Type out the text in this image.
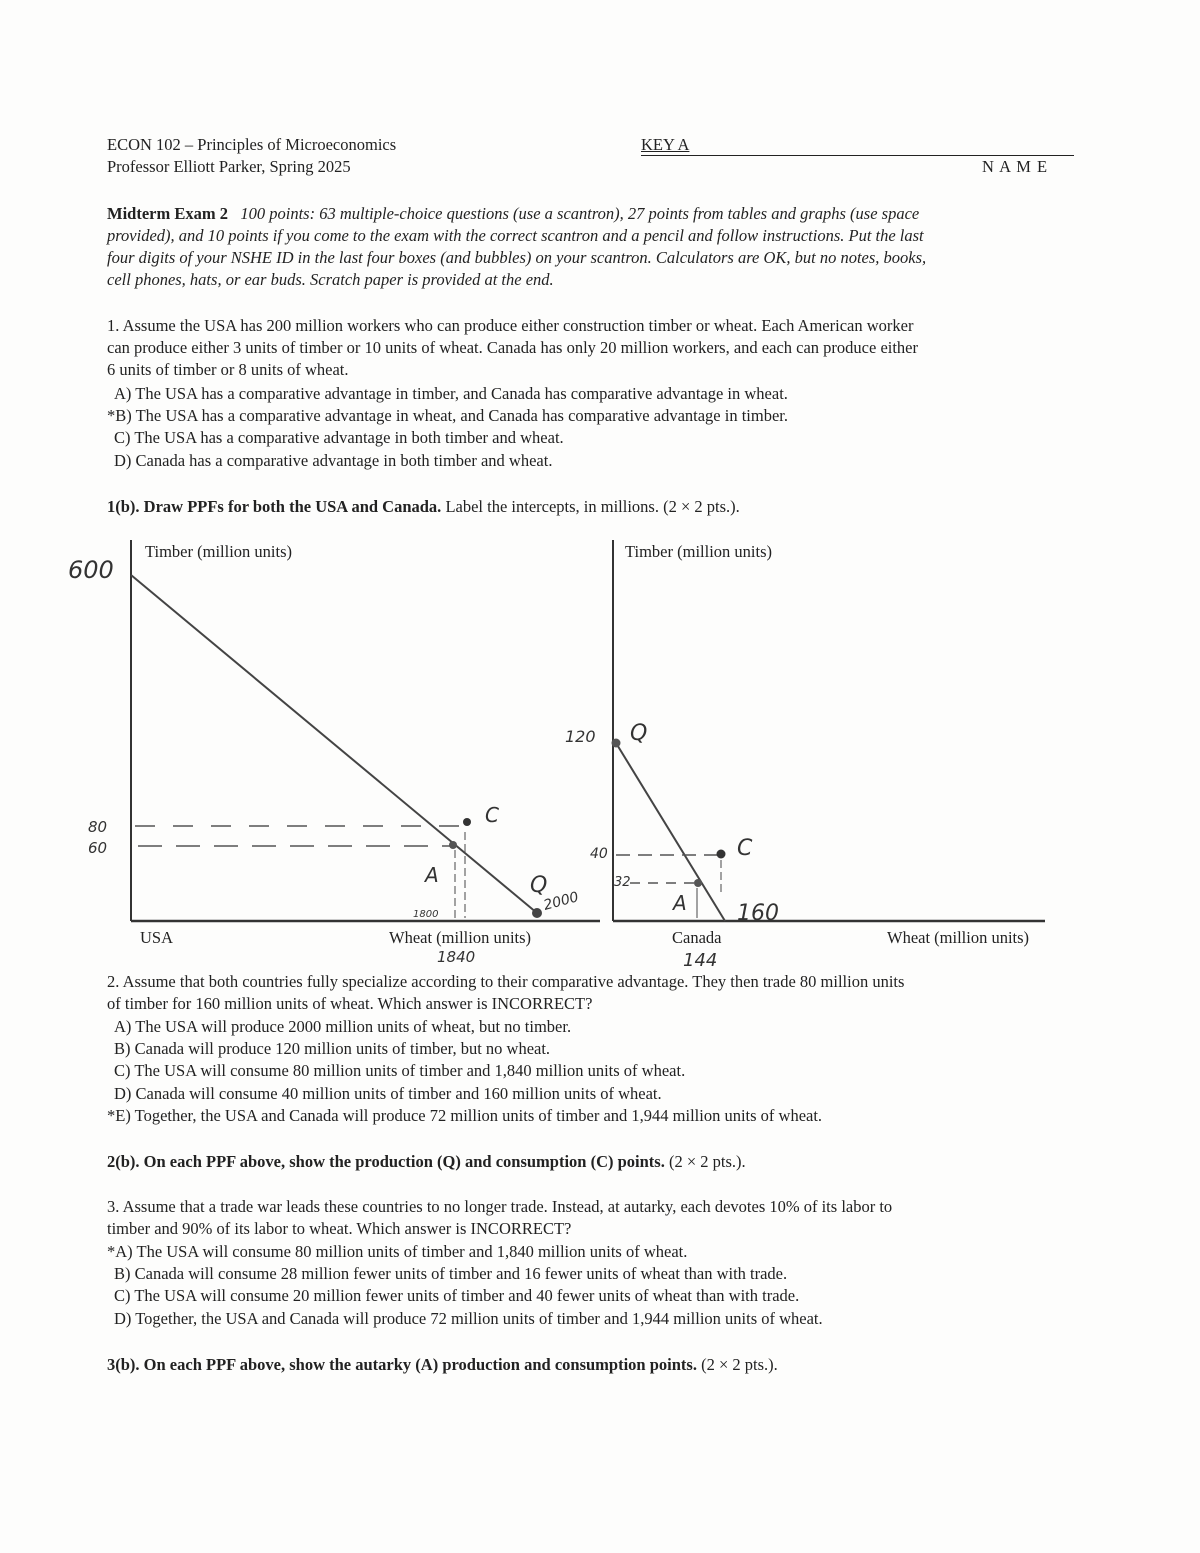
ECON 102 – Principles of Microeconomics
Professor Elliott Parker, Spring 2025
KEY A
N A M E
Midterm Exam 2 100 points: 63 multiple-choice questions (use a scantron), 27 points from tables and graphs (use space
provided), and 10 points if you come to the exam with the correct scantron and a pencil and follow instructions. Put the last
four digits of your NSHE ID in the last four boxes (and bubbles) on your scantron. Calculators are OK, but no notes, books,
cell phones, hats, or ear buds. Scratch paper is provided at the end.
1. Assume the USA has 200 million workers who can produce either construction timber or wheat. Each American worker
can produce either 3 units of timber or 10 units of wheat. Canada has only 20 million workers, and each can produce either
6 units of timber or 8 units of wheat.
A) The USA has a comparative advantage in timber, and Canada has comparative advantage in wheat.
*B) The USA has a comparative advantage in wheat, and Canada has comparative advantage in timber.
C) The USA has a comparative advantage in both timber and wheat.
D) Canada has a comparative advantage in both timber and wheat.
1(b). Draw PPFs for both the USA and Canada. Label the intercepts, in millions. (2 × 2 pts.).
Timber (million units)
USA	Wheat (million units)
600
80
60
C
A	Q
2000
1800
1840
Timber (million units)
Canada	Wheat (million units)
120 Q
40
32
C
A 160
144
2. Assume that both countries fully specialize according to their comparative advantage. They then trade 80 million units
of timber for 160 million units of wheat. Which answer is INCORRECT?
A) The USA will produce 2000 million units of wheat, but no timber.
B) Canada will produce 120 million units of timber, but no wheat.
C) The USA will consume 80 million units of timber and 1,840 million units of wheat.
D) Canada will consume 40 million units of timber and 160 million units of wheat.
*E) Together, the USA and Canada will produce 72 million units of timber and 1,944 million units of wheat.
2(b). On each PPF above, show the production (Q) and consumption (C) points. (2 × 2 pts.).
3. Assume that a trade war leads these countries to no longer trade. Instead, at autarky, each devotes 10% of its labor to
timber and 90% of its labor to wheat. Which answer is INCORRECT?
*A) The USA will consume 80 million units of timber and 1,840 million units of wheat.
B) Canada will consume 28 million fewer units of timber and 16 fewer units of wheat than with trade.
C) The USA will consume 20 million fewer units of timber and 40 fewer units of wheat than with trade.
D) Together, the USA and Canada will produce 72 million units of timber and 1,944 million units of wheat.
3(b). On each PPF above, show the autarky (A) production and consumption points. (2 × 2 pts.).
